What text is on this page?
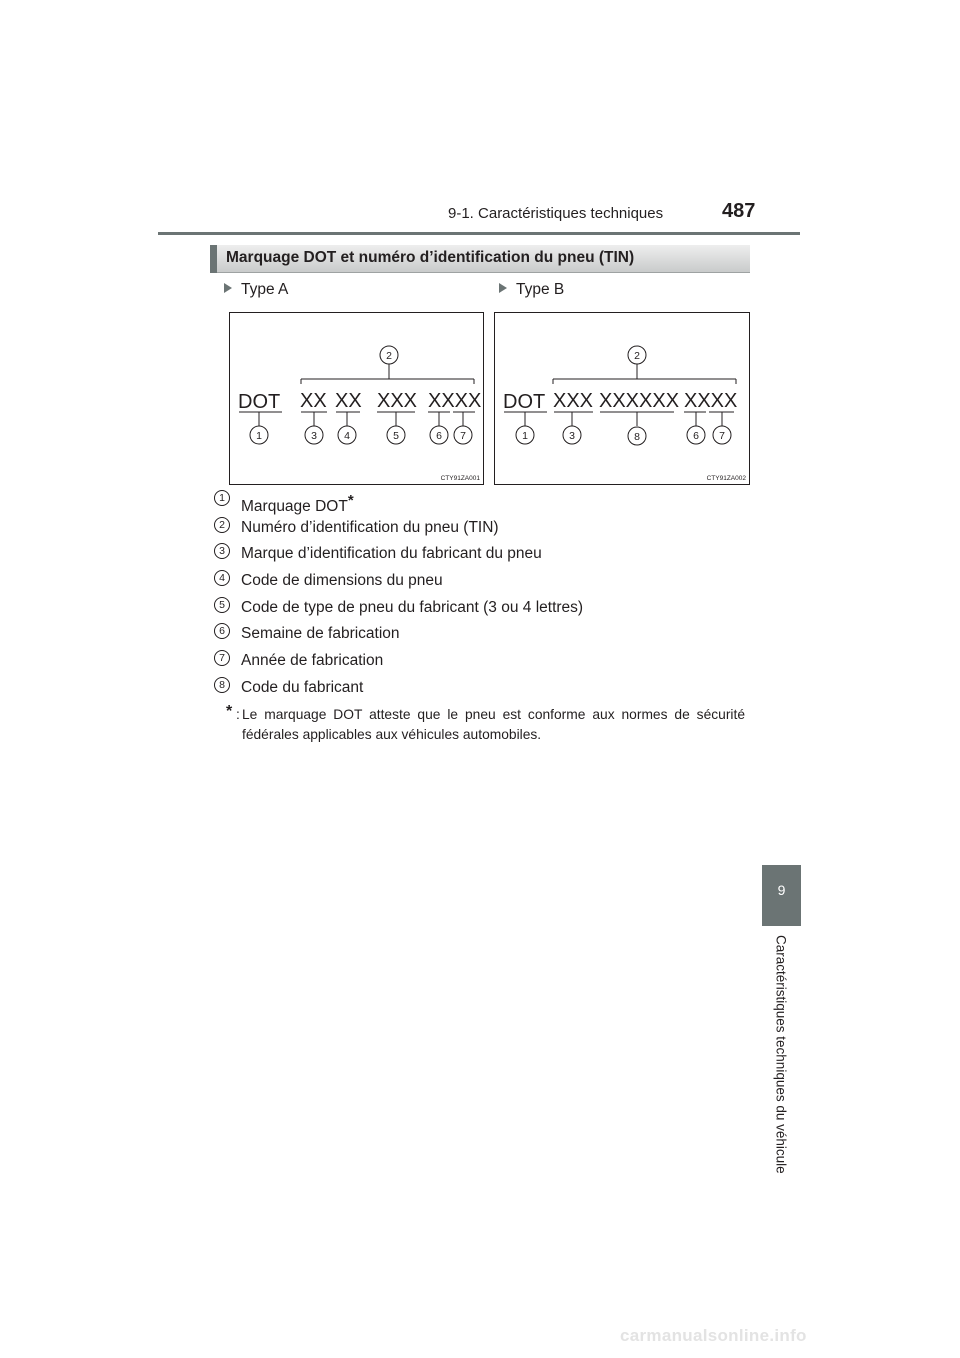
9-1. Caractéristiques techniques	487
9
Caractéristiques techniques du véhicule
Marquage DOT et numéro d’identification du pneu (TIN)
Type A	Type B
2
DOT XX XX XXX XXXX
1	3	4	5	6 7
CTY91ZA001
2
DOT XXX XXXXXX XXXX
1	3	8	6 7
CTY91ZA002
1	Marquage DOT*
2	Numéro d’identification du pneu (TIN)
3	Marque d’identification du fabricant du pneu
4	Code de dimensions du pneu
5	Code de type de pneu du fabricant (3 ou 4 lettres)
6	Semaine de fabrication
7	Année de fabrication
8	Code du fabricant
* : Le marquage DOT atteste que le pneu est conforme aux normes de sécurité fédérales applicables aux véhicules automobiles.
carmanualsonline.info
